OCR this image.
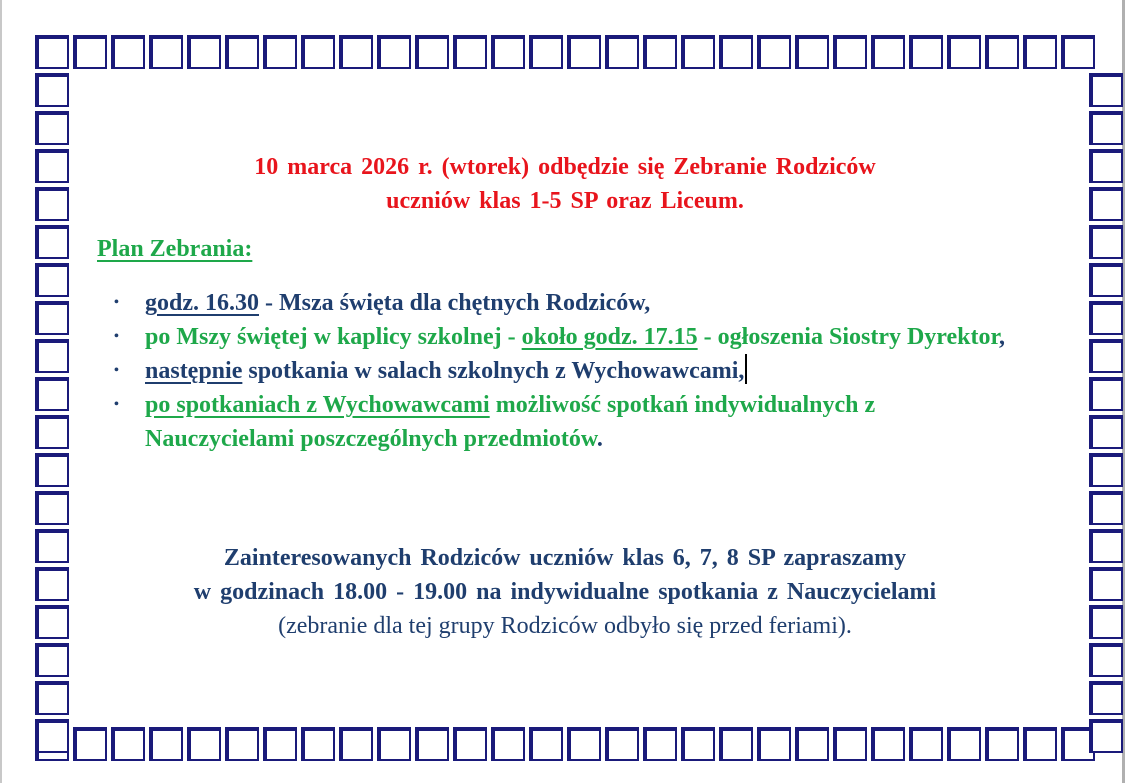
10 marca 2026 r. (wtorek) odbędzie się Zebranie Rodziców
uczniów klas 1-5 SP oraz Liceum.
Plan Zebrania:
• godz. 16.30 - Msza święta dla chętnych Rodziców,
• po Mszy świętej w kaplicy szkolnej - około godz. 17.15 - ogłoszenia Siostry Dyrektor,
• następnie spotkania w salach szkolnych z Wychowawcami,
• po spotkaniach z Wychowawcami możliwość spotkań indywidualnych z Nauczycielami poszczególnych przedmiotów.
Zainteresowanych Rodziców uczniów klas 6, 7, 8 SP zapraszamy
w godzinach 18.00 - 19.00 na indywidualne spotkania z Nauczycielami
(zebranie dla tej grupy Rodziców odbyło się przed feriami).
